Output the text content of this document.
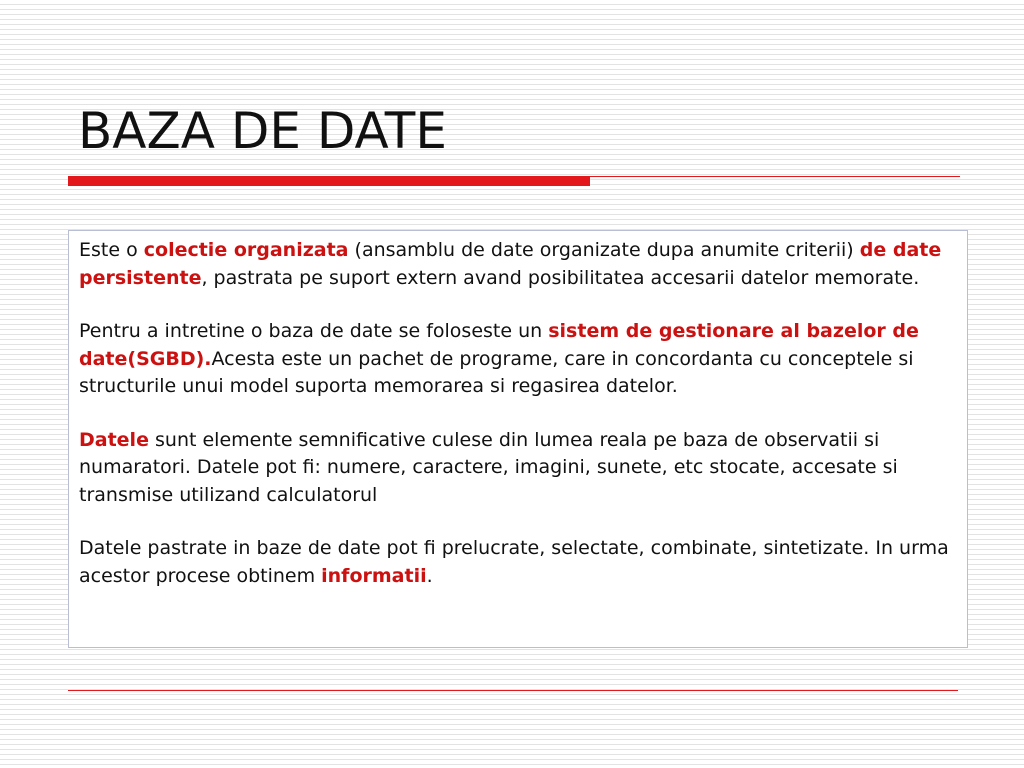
BAZA DE DATE

Este o colectie organizata (ansamblu de date organizate dupa anumite criterii) de date persistente, pastrata pe suport extern avand posibilitatea accesarii datelor memorate.

Pentru a intretine o baza de date se foloseste un sistem de gestionare al bazelor de date(SGBD).Acesta este un pachet de programe, care in concordanta cu conceptele si structurile unui model suporta memorarea si regasirea datelor.

Datele sunt elemente semnificative culese din lumea reala pe baza de observatii si numaratori. Datele pot fi: numere, caractere, imagini, sunete, etc stocate, accesate si transmise utilizand calculatorul

Datele pastrate in baze de date pot fi prelucrate, selectate, combinate, sintetizate. In urma acestor procese obtinem informatii.
